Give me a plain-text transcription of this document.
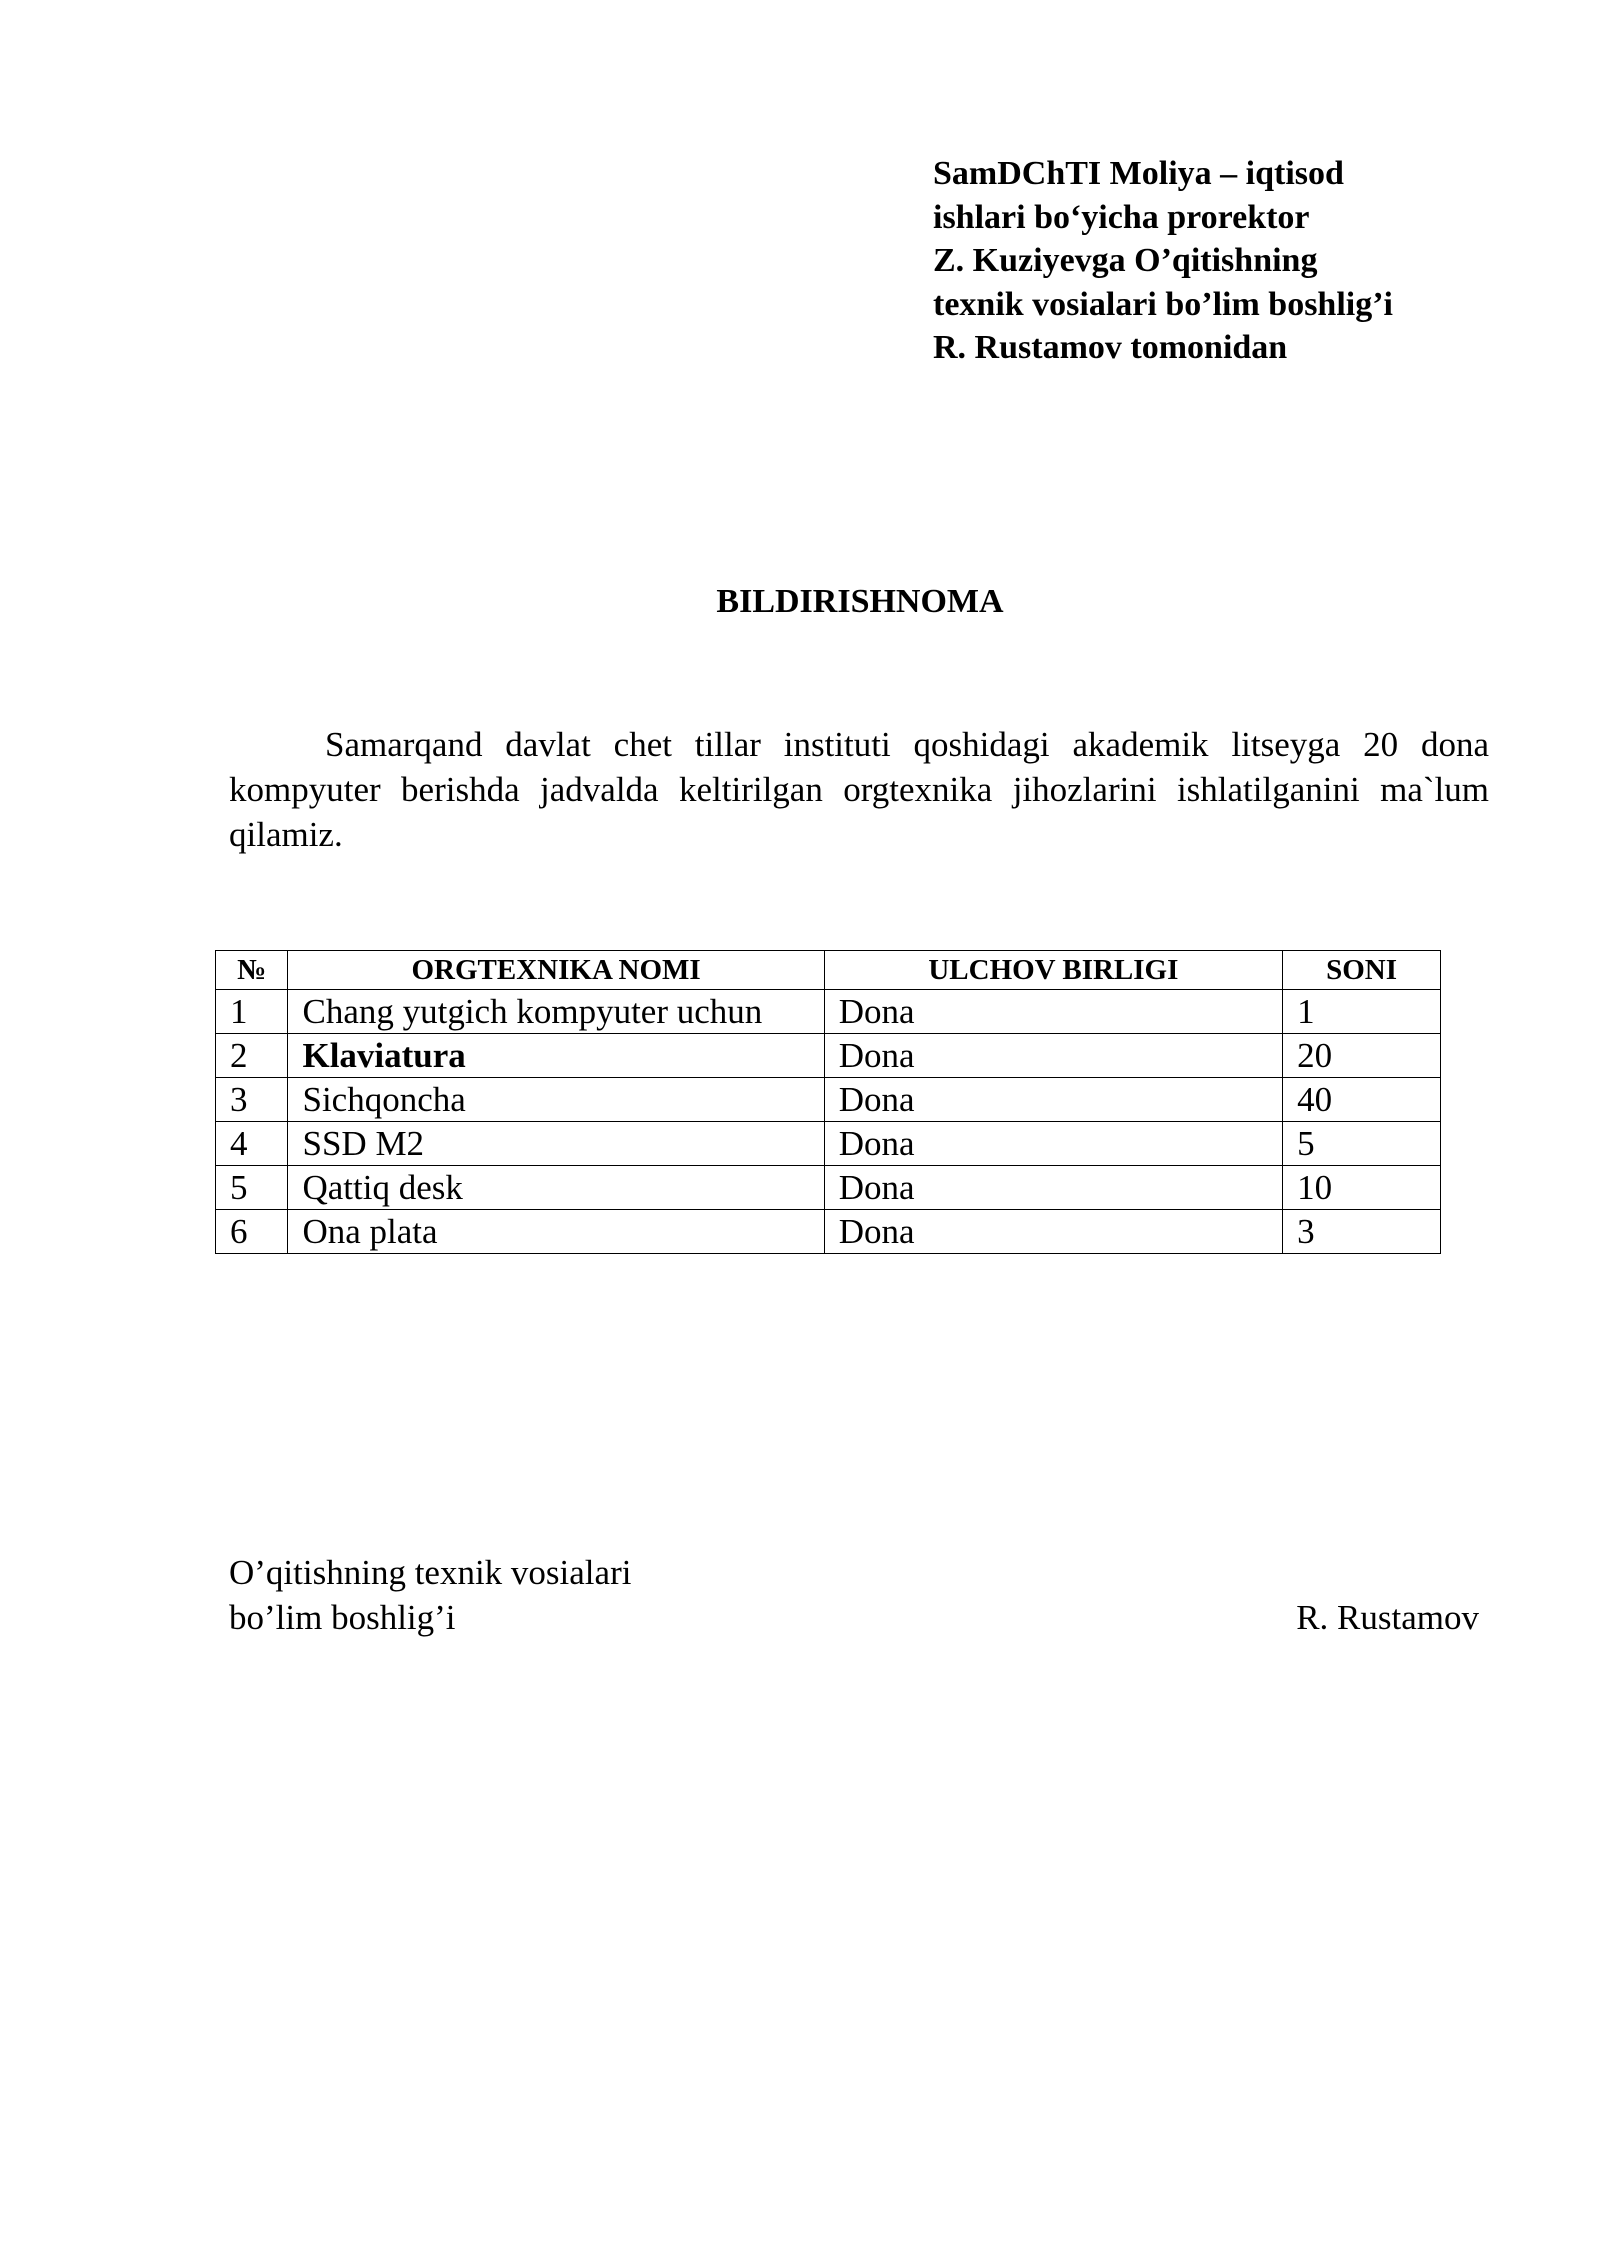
SamDChTI Moliya – iqtisod
ishlari bo‘yicha prorektor
Z. Kuziyevga O’qitishning
texnik vosialari bo’lim boshlig’i
R. Rustamov tomonidan
BILDIRISHNOMA
Samarqand davlat chet tillar instituti qoshidagi akademik litseyga 20 dona kompyuter berishda jadvalda keltirilgan orgtexnika jihozlarini ishlatilganini ma`lum qilamiz.
№	ORGTEXNIKA NOMI	ULCHOV BIRLIGI	SONI
1	Chang yutgich kompyuter uchun	Dona	1
2	Klaviatura	Dona	20
3	Sichqoncha	Dona	40
4	SSD M2	Dona	5
5	Qattiq desk	Dona	10
6	Ona plata	Dona	3
O’qitishning texnik vosialari
bo’lim boshlig’i	R. Rustamov
